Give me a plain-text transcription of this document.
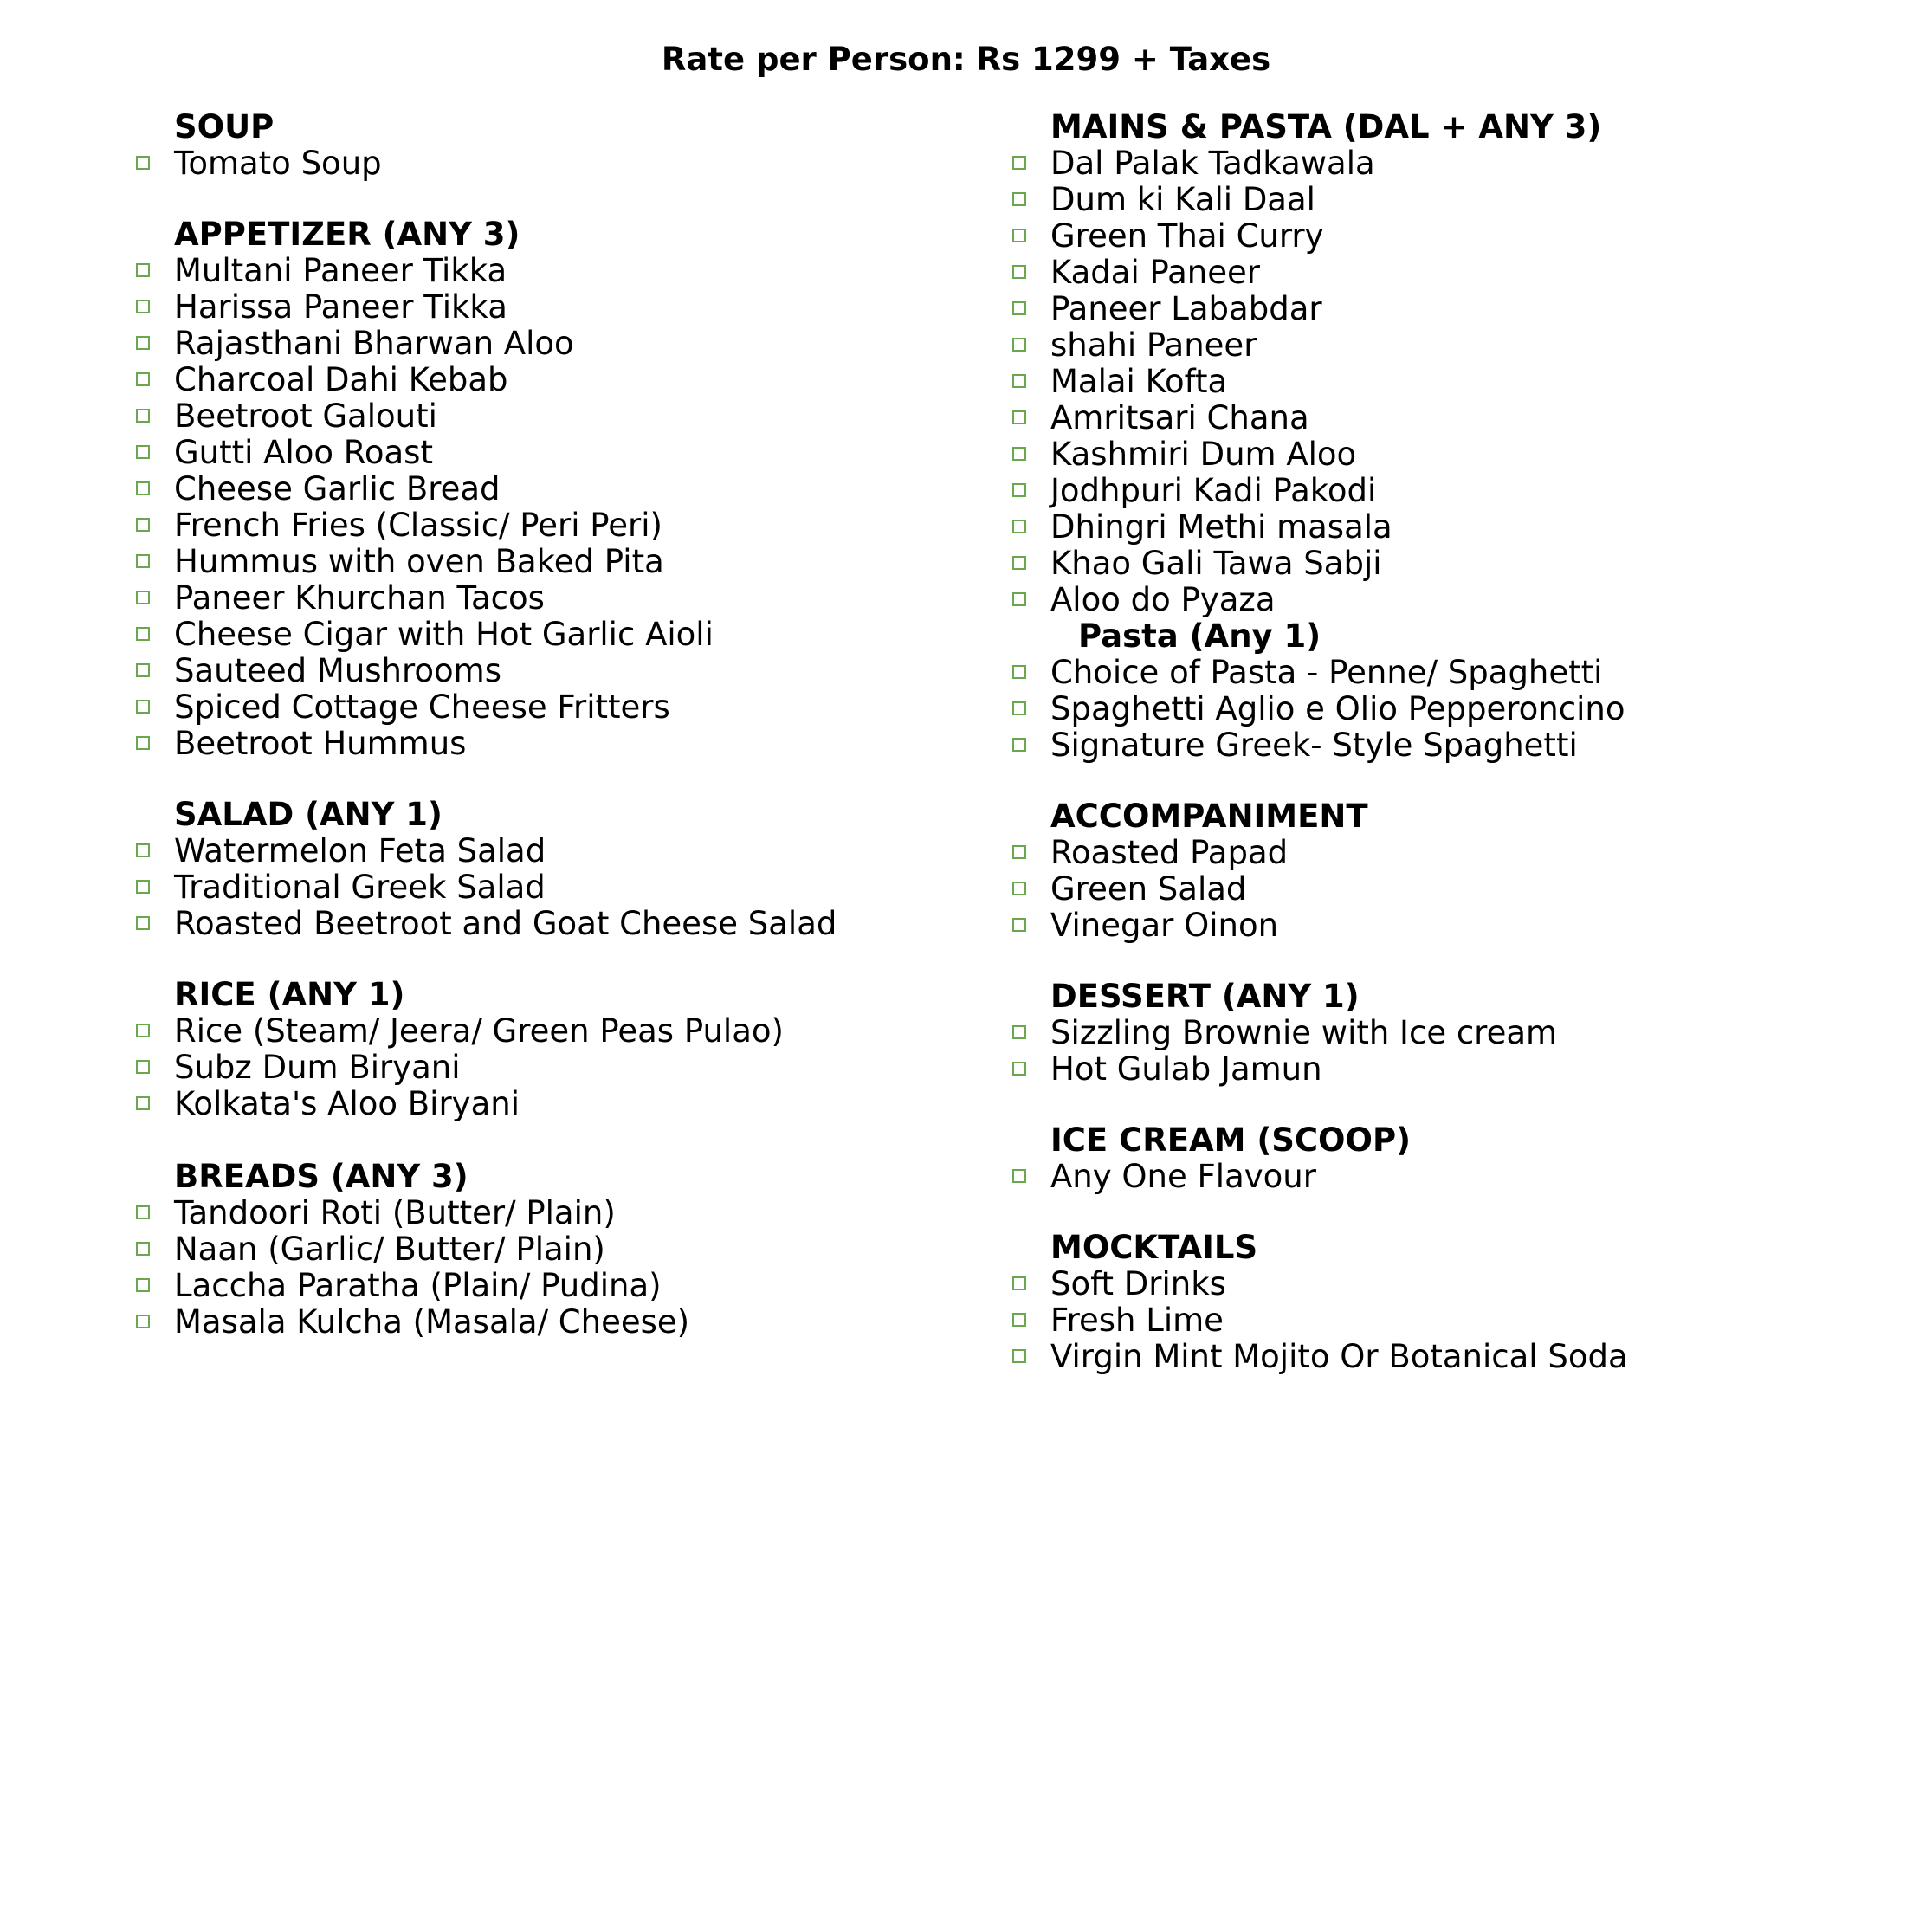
Rate per Person: Rs 1299 + Taxes
SOUP
Tomato Soup
APPETIZER (ANY 3)
Multani Paneer Tikka
Harissa Paneer Tikka
Rajasthani Bharwan Aloo
Charcoal Dahi Kebab
Beetroot Galouti
Gutti Aloo Roast
Cheese Garlic Bread
French Fries (Classic/ Peri Peri)
Hummus with oven Baked Pita
Paneer Khurchan Tacos
Cheese Cigar with Hot Garlic Aioli
Sauteed Mushrooms
Spiced Cottage Cheese Fritters
Beetroot Hummus
SALAD (ANY 1)
Watermelon Feta Salad
Traditional Greek Salad
Roasted Beetroot and Goat Cheese Salad
RICE (ANY 1)
Rice (Steam/ Jeera/ Green Peas Pulao)
Subz Dum Biryani
Kolkata's Aloo Biryani
BREADS (ANY 3)
Tandoori Roti (Butter/ Plain)
Naan (Garlic/ Butter/ Plain)
Laccha Paratha (Plain/ Pudina)
Masala Kulcha (Masala/ Cheese)
MAINS & PASTA (DAL + ANY 3)
Dal Palak Tadkawala
Dum ki Kali Daal
Green Thai Curry
Kadai Paneer
Paneer Lababdar
shahi Paneer
Malai Kofta
Amritsari Chana
Kashmiri Dum Aloo
Jodhpuri Kadi Pakodi
Dhingri Methi masala
Khao Gali Tawa Sabji
Aloo do Pyaza
Pasta (Any 1)
Choice of Pasta - Penne/ Spaghetti
Spaghetti Aglio e Olio Pepperoncino
Signature Greek- Style Spaghetti
ACCOMPANIMENT
Roasted Papad
Green Salad
Vinegar Oinon
DESSERT (ANY 1)
Sizzling Brownie with Ice cream
Hot Gulab Jamun
ICE CREAM (SCOOP)
Any One Flavour
MOCKTAILS
Soft Drinks
Fresh Lime
Virgin Mint Mojito Or Botanical Soda
